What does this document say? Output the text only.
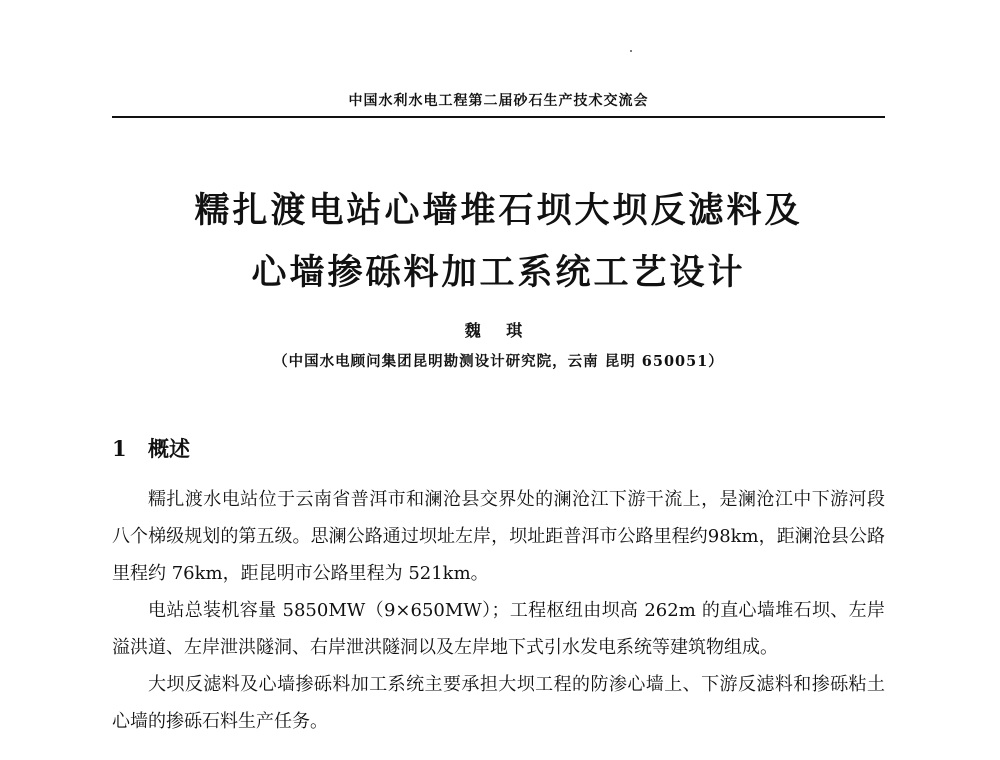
中国水利水电工程第二届砂石生产技术交流会
糯扎渡电站心墙堆石坝大坝反滤料及
心墙掺砾料加工系统工艺设计
魏 琪
（中国水电顾问集团昆明勘测设计研究院，云南 昆明 650051）
1 概述

糯扎渡水电站位于云南省普洱市和澜沧县交界处的澜沧江下游干流上，是澜沧江中下游河段八个梯级规划的第五级。思澜公路通过坝址左岸，坝址距普洱市公路里程约98km，距澜沧县公路里程约 76km，距昆明市公路里程为 521km。

电站总装机容量 5850MW（9×650MW）；工程枢纽由坝高 262m 的直心墙堆石坝、左岸溢洪道、左岸泄洪隧洞、右岸泄洪隧洞以及左岸地下式引水发电系统等建筑物组成。

大坝反滤料及心墙掺砾料加工系统主要承担大坝工程的防渗心墙上、下游反滤料和掺砾粘土心墙的掺砾石料生产任务。
